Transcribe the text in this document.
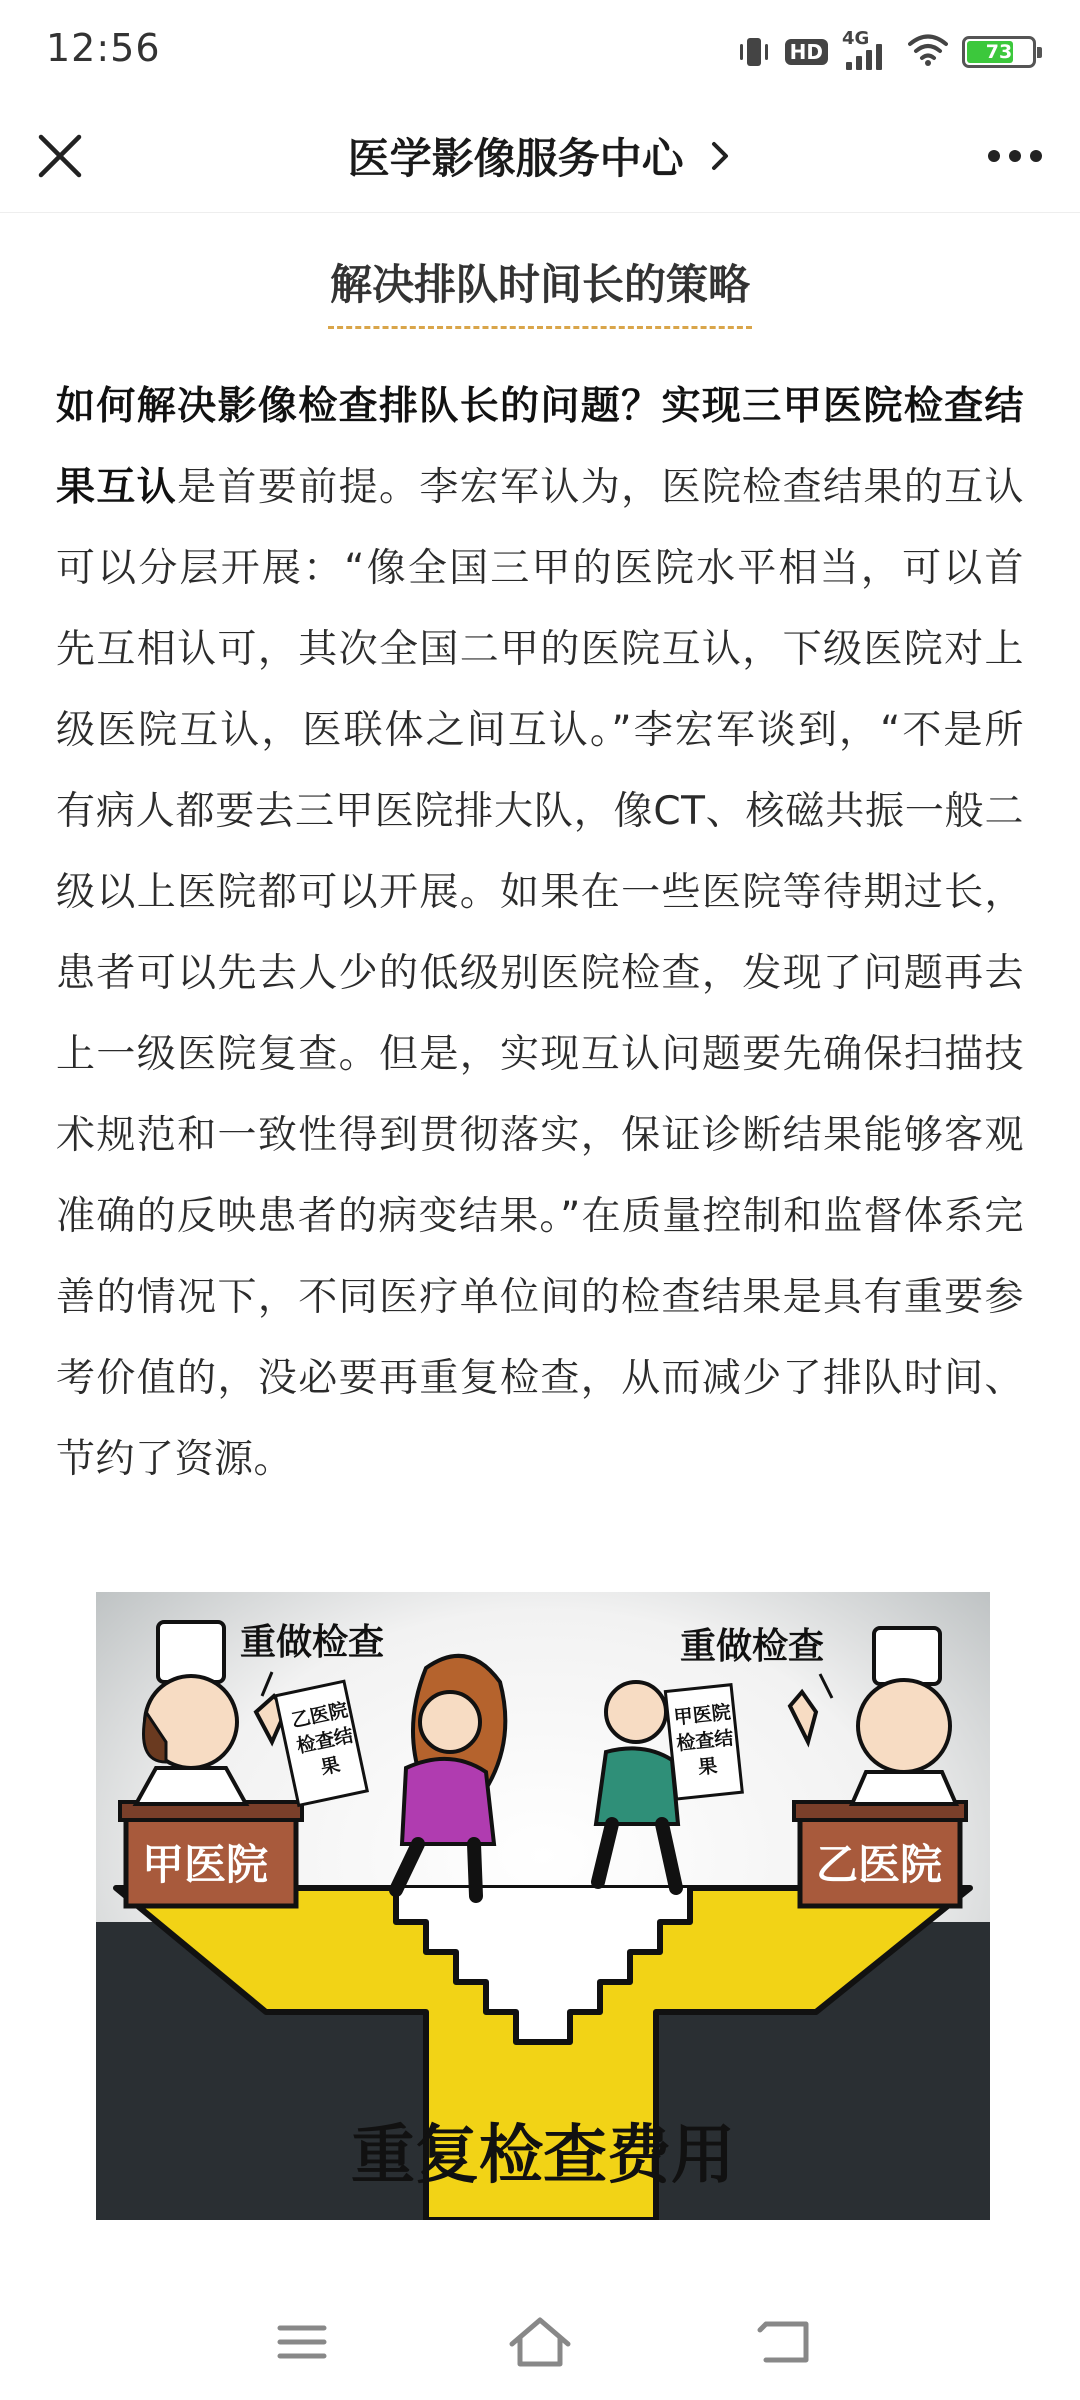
12:56	HD
4G
73
医学影像服务中心
解决排队时间长的策略
如何解决影像检查排队长的问题？实现三甲医院检查结果互认是首要前提。李宏军认为，医院检查结果的互认可以分层开展：“像全国三甲的医院水平相当，可以首先互相认可，其次全国二甲的医院互认，下级医院对上级医院互认，医联体之间互认。”李宏军谈到，“不是所有病人都要去三甲医院排大队，像CT、核磁共振一般二级以上医院都可以开展。如果在一些医院等待期过长，患者可以先去人少的低级别医院检查，发现了问题再去上一级医院复查。但是，实现互认问题要先确保扫描技术规范和一致性得到贯彻落实，保证诊断结果能够客观准确的反映患者的病变结果。”在质量控制和监督体系完善的情况下，不同医疗单位间的检查结果是具有重要参考价值的，没必要再重复检查，从而减少了排队时间、节约了资源。
重做检查	重做检查
甲医院	乙医院
乙医院
检查结果
甲医院
检查结果
重复检查费用
